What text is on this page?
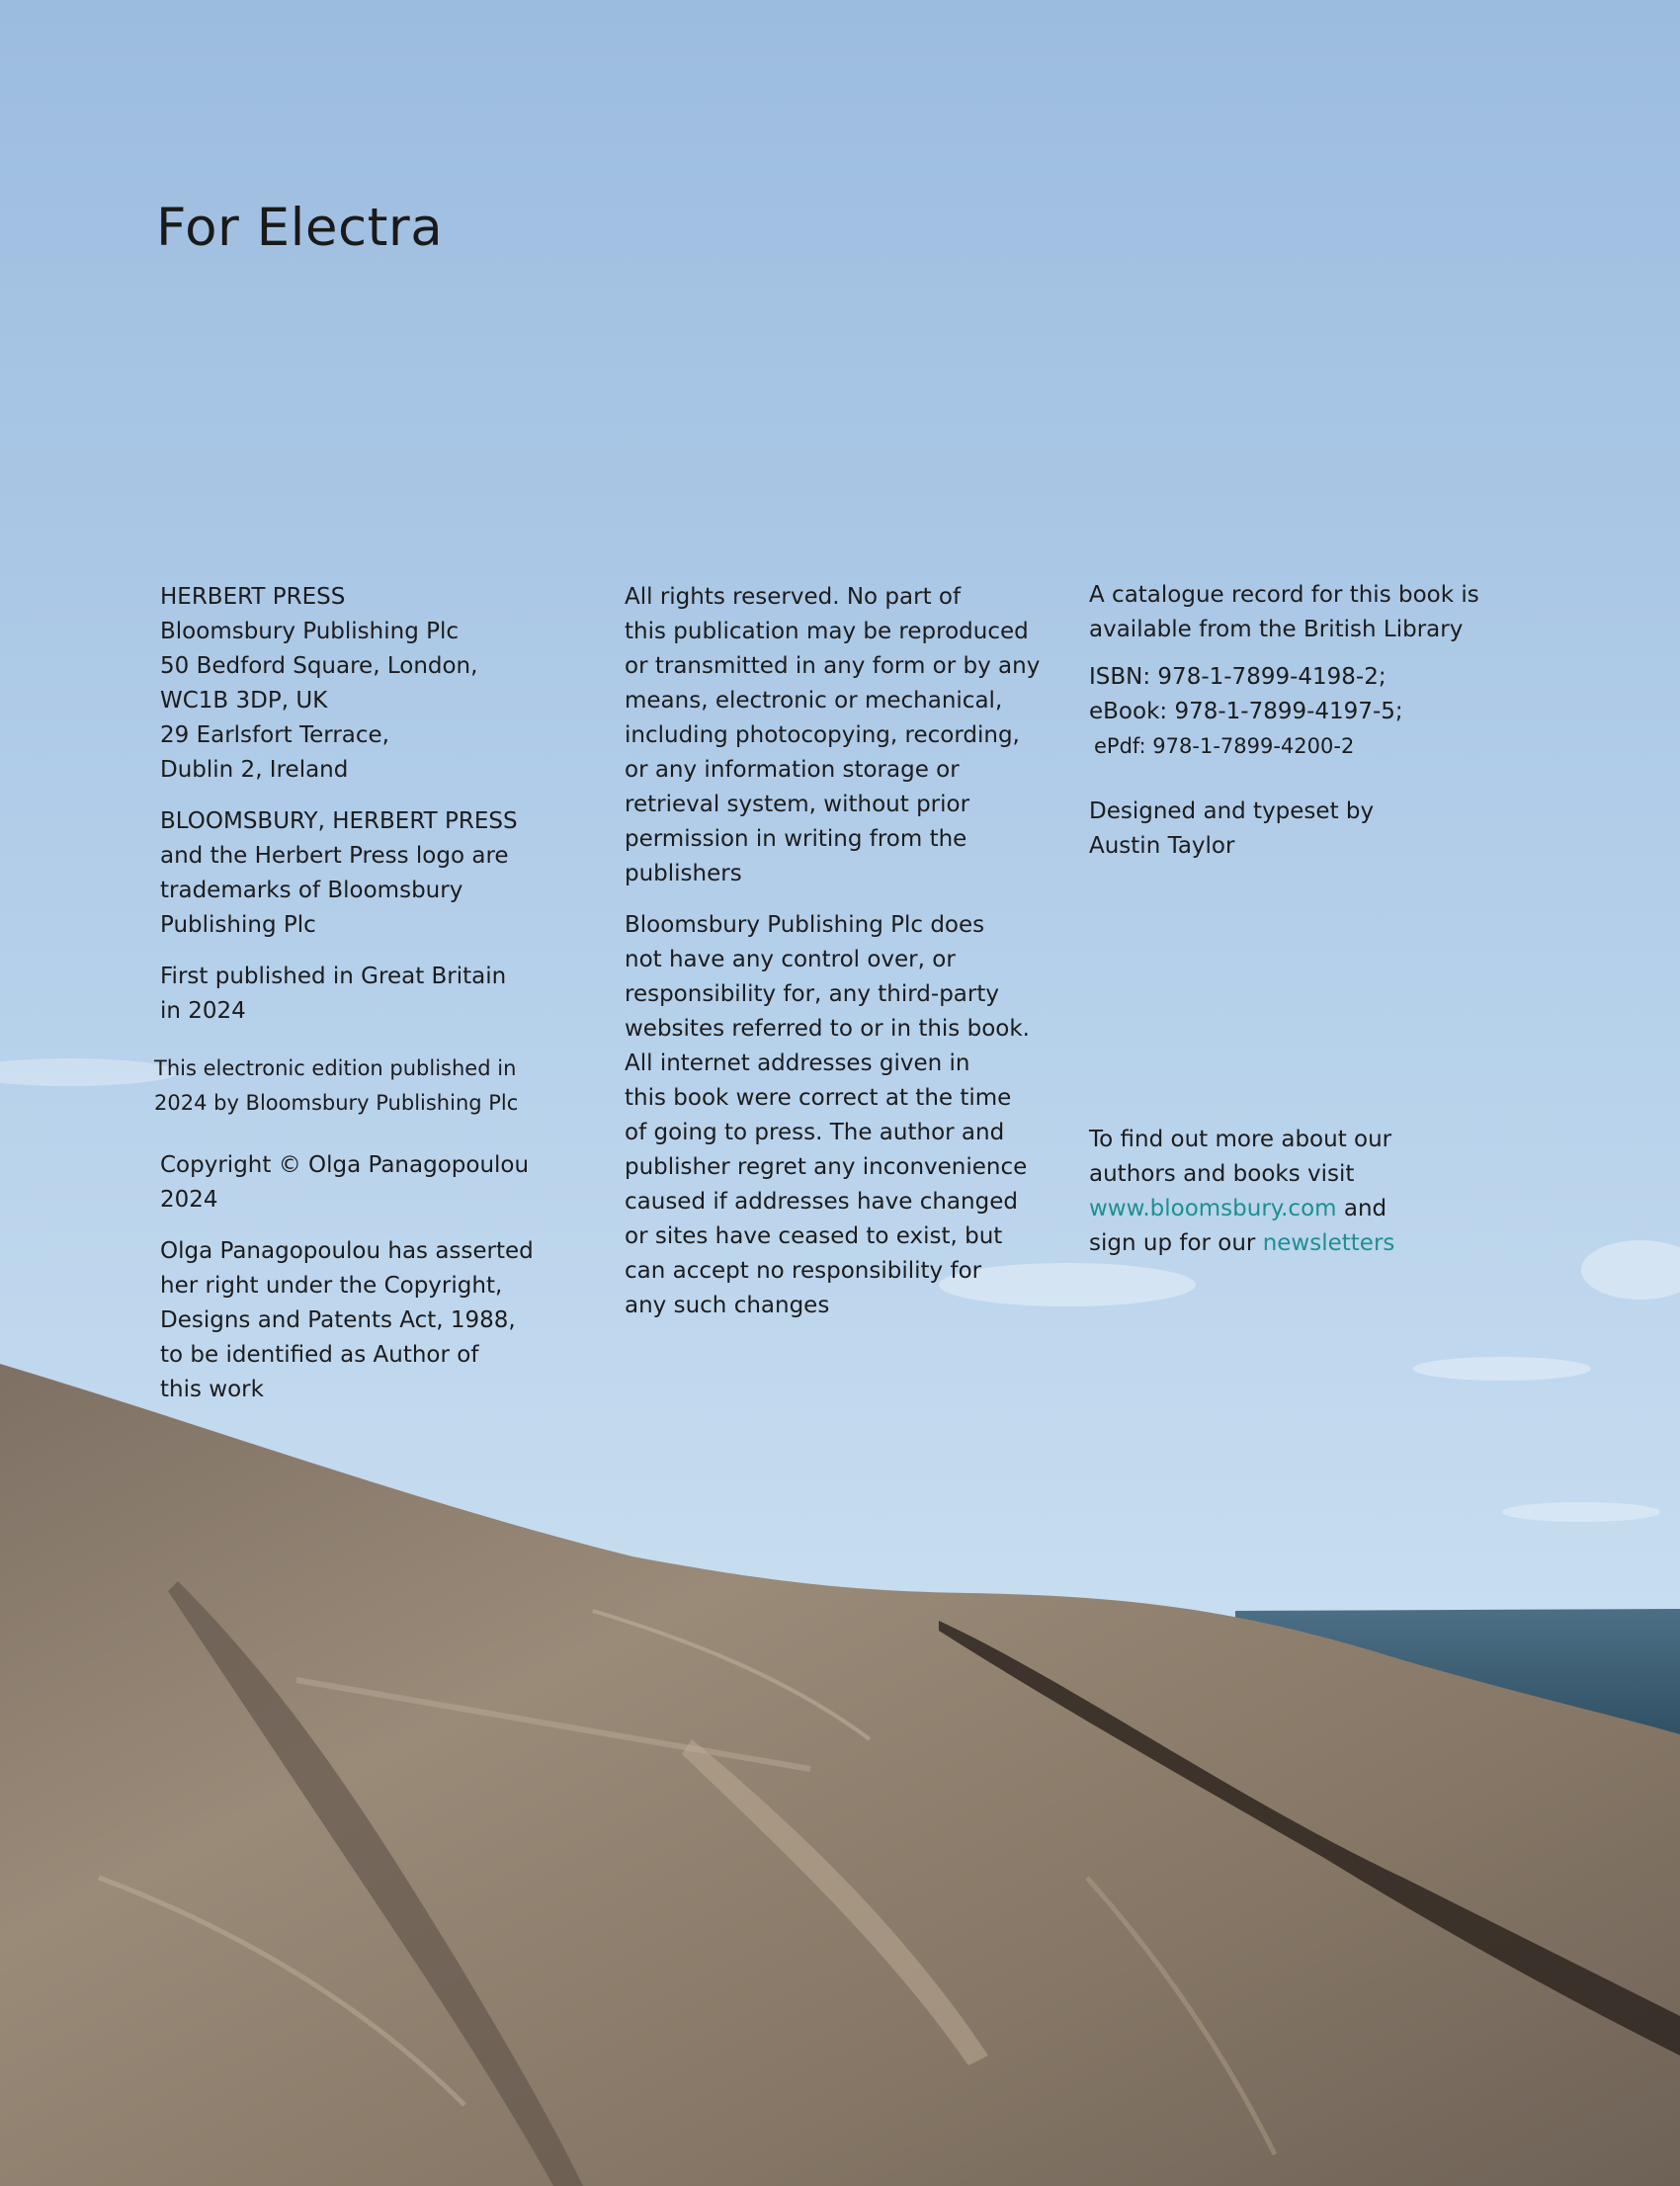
For Electra

HERBERT PRESS
Bloomsbury Publishing Plc
50 Bedford Square, London,
WC1B 3DP, UK
29 Earlsfort Terrace,
Dublin 2, Ireland

BLOOMSBURY, HERBERT PRESS
and the Herbert Press logo are
trademarks of Bloomsbury
Publishing Plc

First published in Great Britain
in 2024

This electronic edition published in
2024 by Bloomsbury Publishing Plc

Copyright © Olga Panagopoulou
2024

Olga Panagopoulou has asserted
her right under the Copyright,
Designs and Patents Act, 1988,
to be identified as Author of
this work

All rights reserved. No part of
this publication may be reproduced
or transmitted in any form or by any
means, electronic or mechanical,
including photocopying, recording,
or any information storage or
retrieval system, without prior
permission in writing from the
publishers

Bloomsbury Publishing Plc does
not have any control over, or
responsibility for, any third-party
websites referred to or in this book.
All internet addresses given in
this book were correct at the time
of going to press. The author and
publisher regret any inconvenience
caused if addresses have changed
or sites have ceased to exist, but
can accept no responsibility for
any such changes

A catalogue record for this book is
available from the British Library

ISBN: 978-1-7899-4198-2;
eBook: 978-1-7899-4197-5;
ePdf: 978-1-7899-4200-2

Designed and typeset by
Austin Taylor

To find out more about our
authors and books visit
www.bloomsbury.com and
sign up for our newsletters
